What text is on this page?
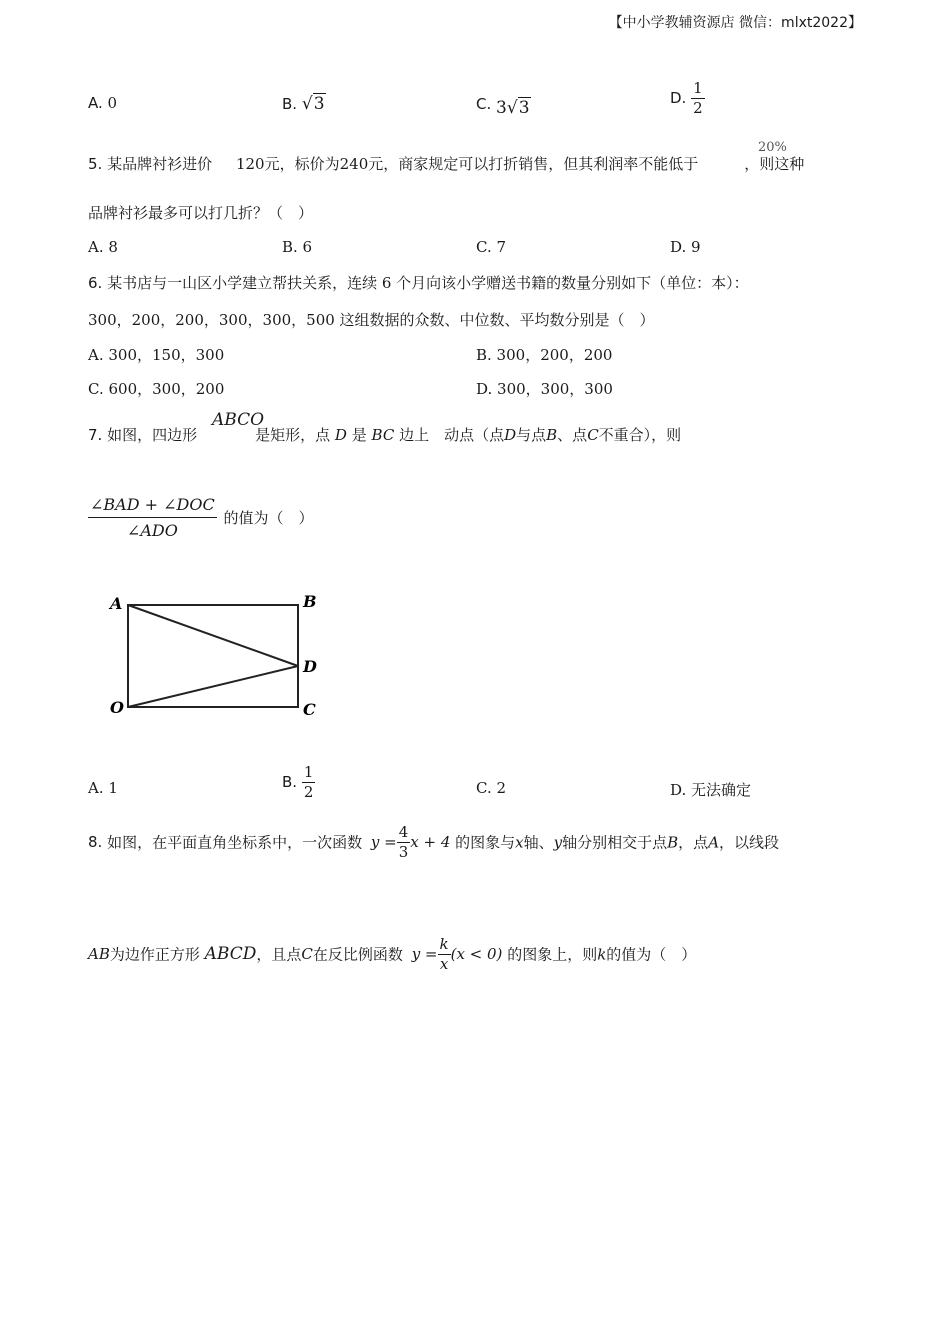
【中小学教辅资源店 微信：mlxt2022】
A. 0	B. √3	C. 3√3	D. $\frac{1}{2}$
20%
5. 某品牌衬衫进价 120元，标价为240元，商家规定可以打折销售，但其利润率不能低于	，则这种
品牌衬衫最多可以打几折？（　）
A. 8	B. 6	C. 7	D. 9
6. 某书店与一山区小学建立帮扶关系，连续 6 个月向该小学赠送书籍的数量分别如下（单位：本）：
300，200，200，300，300，500 这组数据的众数、中位数、平均数分别是（　）
A. 300，150，300	B. 300，200，200
C. 600，300，200	D. 300，300，300
ABCO
7. 如图，四边形	是矩形，点 D 是 BC 边上　动点（点D与点B、点C不重合），则
$\frac{\text{∠BAD + ∠DOC}}{\text{∠ADO}}$ 的值为（　）
A	B
D
C
O
A. 1	B. $\frac{1}{2}$	C. 2	D. 无法确定
8. 如图，在平面直角坐标系中，一次函数 $y = \frac{4}{3}$ x + 4 的图象与x轴、y轴分别相交于点B，点A，以线段
AB为边作正方形 ABCD，且点C在反比例函数 $y = \frac{k}{x} (x < 0)$ 的图象上，则k的值为（　）
